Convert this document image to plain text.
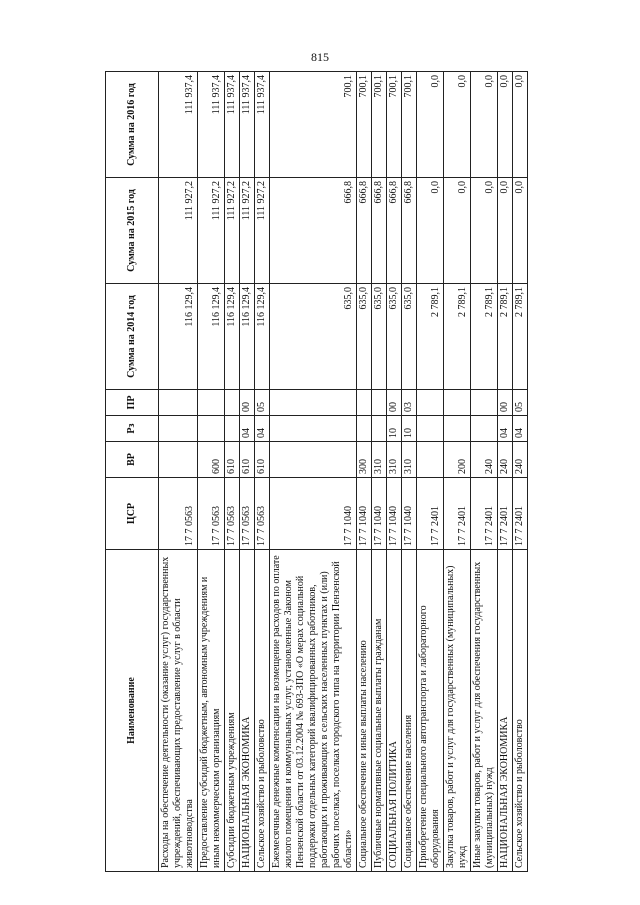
815
Наименование	ЦСР	ВР	Рз	ПР	Сумма на 2014 год	Сумма на 2015 год	Сумма на 2016 год
Расходы на обеспечение деятельности (оказание услуг) государственных учреждений, обеспечивающих предоставление услуг в области животноводства	17 7 0563				116 129,4	111 927,2	111 937,4
Предоставление субсидий бюджетным, автономным учреждениям и иным некоммерческим организациям	17 7 0563	600			116 129,4	111 927,2	111 937,4
Субсидии бюджетным учреждениям	17 7 0563	610			116 129,4	111 927,2	111 937,4
НАЦИОНАЛЬНАЯ ЭКОНОМИКА	17 7 0563	610	04	00	116 129,4	111 927,2	111 937,4
Сельское хозяйство и рыболовство	17 7 0563	610	04	05	116 129,4	111 927,2	111 937,4
Ежемесячные денежные компенсации на возмещение расходов по оплате жилого помещения и коммунальных услуг, установленные Законом Пензенской области от 03.12.2004 № 693-ЗПО «О мерах социальной поддержки отдельных категорий квалифицированных работников, работающих и проживающих в сельских населенных пунктах и (или) рабочих поселках, поселках городского типа на территории Пензенской области»	17 7 1040				635,0	666,8	700,1
Социальное обеспечение и иные выплаты населению	17 7 1040	300			635,0	666,8	700,1
Публичные нормативные социальные выплаты гражданам	17 7 1040	310			635,0	666,8	700,1
СОЦИАЛЬНАЯ ПОЛИТИКА	17 7 1040	310	10	00	635,0	666,8	700,1
Социальное обеспечение населения	17 7 1040	310	10	03	635,0	666,8	700,1
Приобретение специального автотранспорта и лабораторного оборудования	17 7 2401				2 789,1	0,0	0,0
Закупка товаров, работ и услуг для государственных (муниципальных) нужд	17 7 2401	200			2 789,1	0,0	0,0
Иные закупки товаров, работ и услуг для обеспечения государственных (муниципальных) нужд	17 7 2401	240			2 789,1	0,0	0,0
НАЦИОНАЛЬНАЯ ЭКОНОМИКА	17 7 2401	240	04	00	2 789,1	0,0	0,0
Сельское хозяйство и рыболовство	17 7 2401	240	04	05	2 789,1	0,0	0,0
